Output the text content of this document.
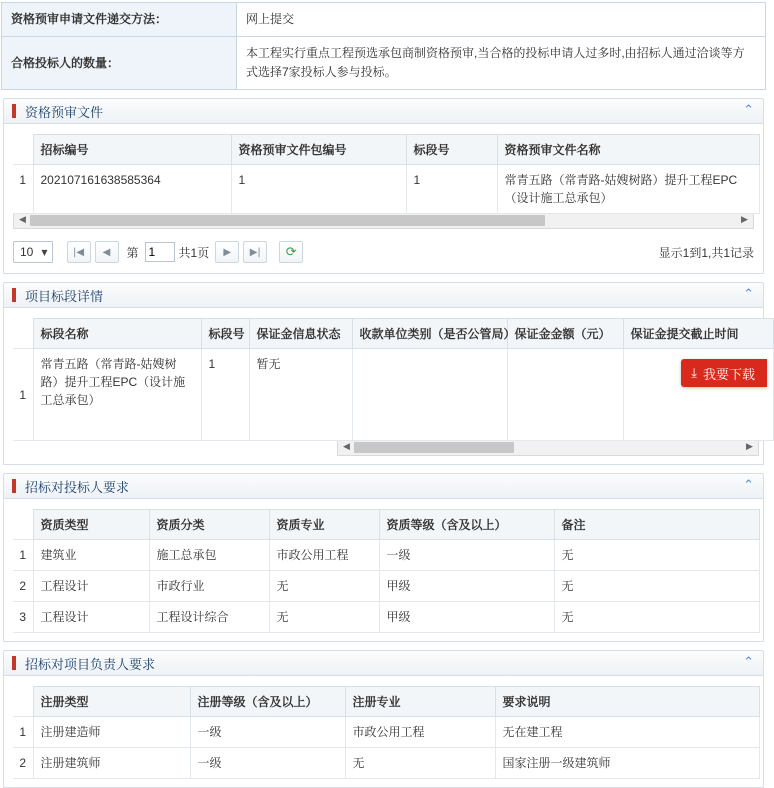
资格预审申请文件递交方法：	网上提交
合格投标人的数量：	本工程实行重点工程预选承包商制资格预审,当合格的投标申请人过多时,由招标人通过洽谈等方式选择7家投标人参与投标。
资格预审文件	⌃
	招标编号	资格预审文件包编号	标段号	资格预审文件名称
1	202107161638585364	1	1	常青五路（常青路-姑嫂树路）提升工程EPC（设计施工总承包）
◀	▶
10 ▼	|◀	◀	第
1	共1页	▶	▶|	⟳	显示1到1,共1记录
项目标段详情	⌃
	标段名称	标段号	保证金信息状态	收款单位类别（是否公管局）	保证金金额（元）	保证金提交截止时间
1	常青五路（常青路-姑嫂树路）提升工程EPC（设计施工总承包）	1	暂无			
◀	▶
招标对投标人要求	⌃
	资质类型	资质分类	资质专业	资质等级（含及以上）	备注
1	建筑业	施工总承包	市政公用工程	一级	无
2	工程设计	市政行业	无	甲级	无
3	工程设计	工程设计综合	无	甲级	无
招标对项目负责人要求	⌃
	注册类型	注册等级（含及以上）	注册专业	要求说明
1	注册建造师	一级	市政公用工程	无在建工程
2	注册建筑师	一级	无	国家注册一级建筑师
⤓ 我要下载
